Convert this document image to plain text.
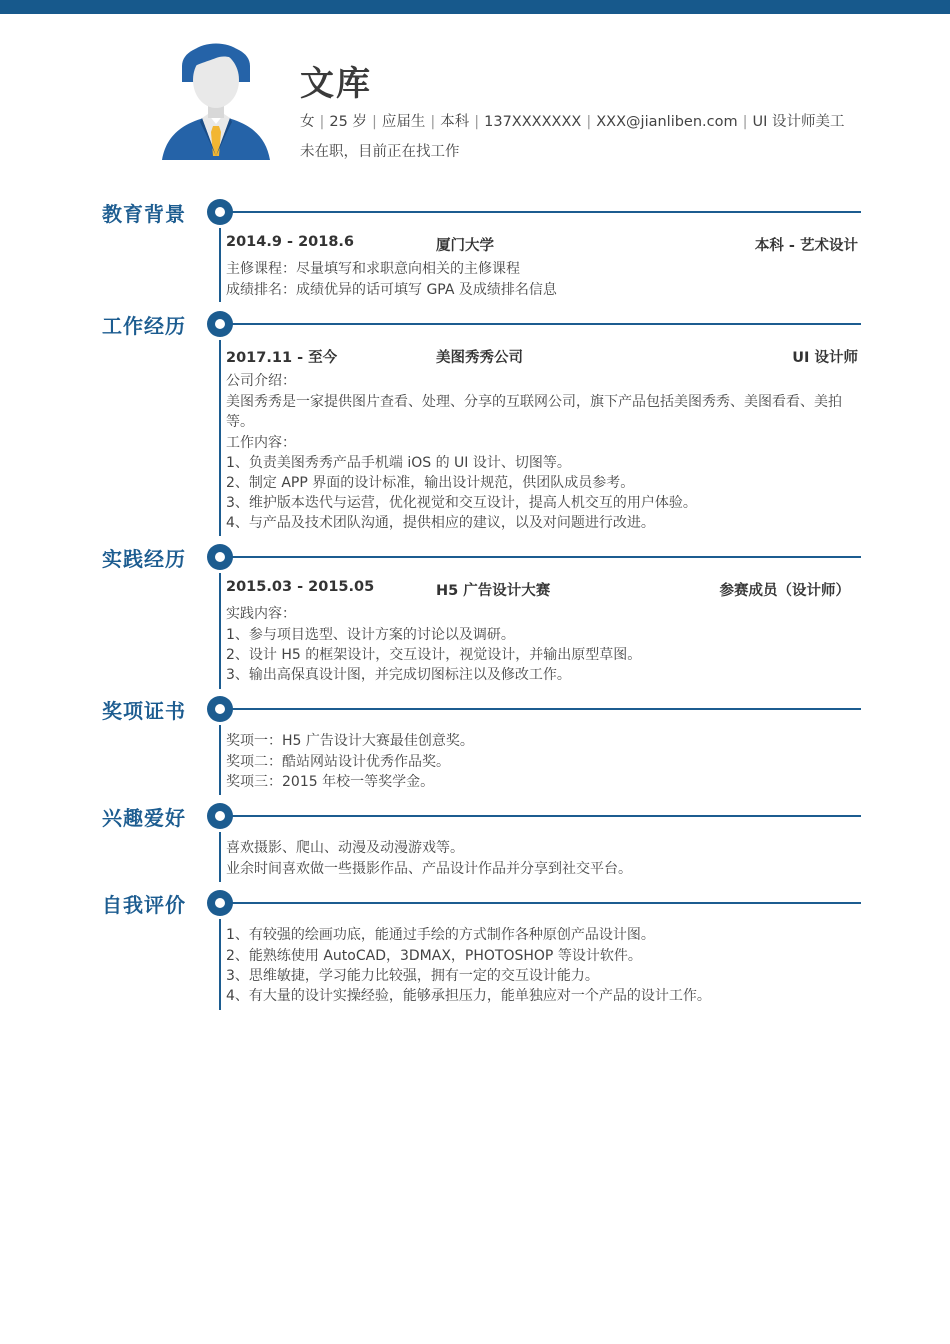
文库
女 | 25 岁 | 应届生 | 本科 | 137XXXXXXX | XXX@jianliben.com | UI 设计师美工
未在职，目前正在找工作
教育背景
2014.9 - 2018.6	厦门大学	本科 - 艺术设计
主修课程：尽量填写和求职意向相关的主修课程
成绩排名：成绩优异的话可填写 GPA 及成绩排名信息
工作经历
2017.11 - 至今	美图秀秀公司	UI 设计师
公司介绍：
美图秀秀是一家提供图片查看、处理、分享的互联网公司，旗下产品包括美图秀秀、美图看看、美拍等。
工作内容：
1、负责美图秀秀产品手机端 iOS 的 UI 设计、切图等。
2、制定 APP 界面的设计标准，输出设计规范，供团队成员参考。
3、维护版本迭代与运营，优化视觉和交互设计，提高人机交互的用户体验。
4、与产品及技术团队沟通，提供相应的建议，以及对问题进行改进。
实践经历
2015.03 - 2015.05	H5 广告设计大赛	参赛成员（设计师）
实践内容：
1、参与项目选型、设计方案的讨论以及调研。
2、设计 H5 的框架设计，交互设计，视觉设计，并输出原型草图。
3、输出高保真设计图，并完成切图标注以及修改工作。
奖项证书
奖项一：H5 广告设计大赛最佳创意奖。
奖项二：酷站网站设计优秀作品奖。
奖项三：2015 年校一等奖学金。
兴趣爱好
喜欢摄影、爬山、动漫及动漫游戏等。
业余时间喜欢做一些摄影作品、产品设计作品并分享到社交平台。
自我评价
1、有较强的绘画功底，能通过手绘的方式制作各种原创产品设计图。
2、能熟练使用 AutoCAD，3DMAX，PHOTOSHOP 等设计软件。
3、思维敏捷，学习能力比较强，拥有一定的交互设计能力。
4、有大量的设计实操经验，能够承担压力，能单独应对一个产品的设计工作。
